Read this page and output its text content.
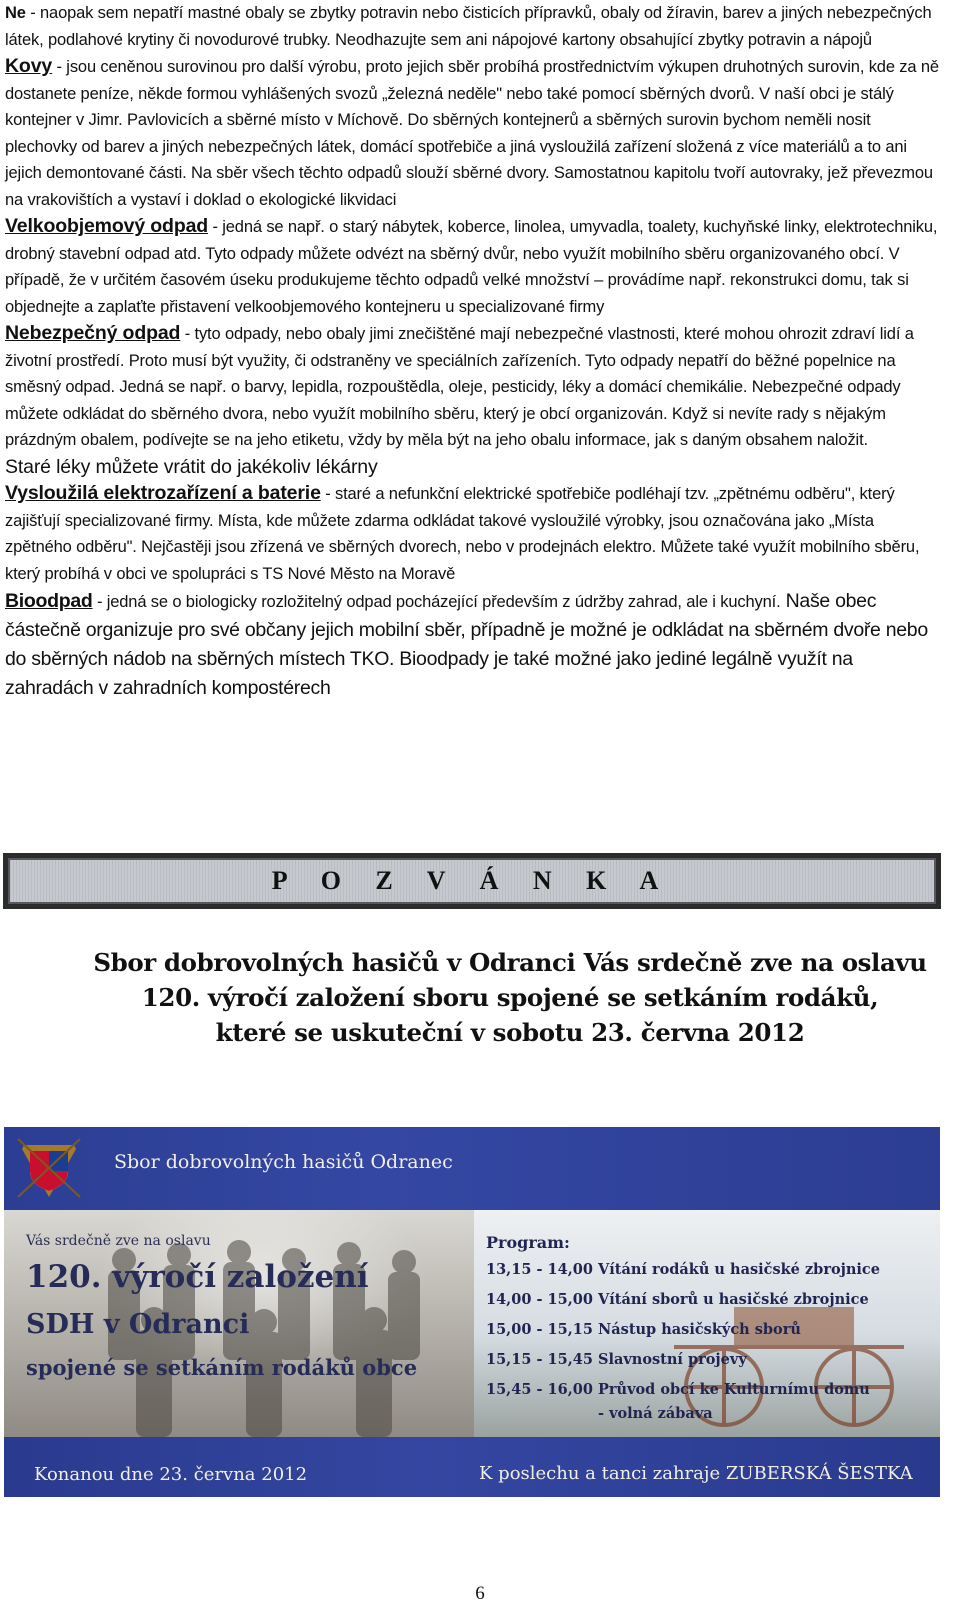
Ne - naopak sem nepatří mastné obaly se zbytky potravin nebo čisticích přípravků, obaly od žíravin, barev a jiných nebezpečných látek, podlahové krytiny či novodurové trubky. Neodhazujte sem ani nápojové kartony obsahující zbytky potravin a nápojů

Kovy - jsou ceněnou surovinou pro další výrobu, proto jejich sběr probíhá prostřednictvím výkupen druhotných surovin, kde za ně dostanete peníze, někde formou vyhlášených svozů „železná neděle" nebo také pomocí sběrných dvorů. V naší obci je stálý kontejner v Jimr. Pavlovicích a sběrné místo v Míchově. Do sběrných kontejnerů a sběrných surovin bychom neměli nosit plechovky od barev a jiných nebezpečných látek, domácí spotřebiče a jiná vysloužilá zařízení složená z více materiálů a to ani jejich demontované části. Na sběr všech těchto odpadů slouží sběrné dvory. Samostatnou kapitolu tvoří autovraky, jež převezmou na vrakovištích a vystaví i doklad o ekologické likvidaci

Velkoobjemový odpad - jedná se např. o starý nábytek, koberce, linolea, umyvadla, toalety, kuchyňské linky, elektrotechniku, drobný stavební odpad atd. Tyto odpady můžete odvézt na sběrný dvůr, nebo využít mobilního sběru organizovaného obcí. V případě, že v určitém časovém úseku produkujeme těchto odpadů velké množství – provádíme např. rekonstrukci domu, tak si objednejte a zaplaťte přistavení velkoobjemového kontejneru u specializované firmy

Nebezpečný odpad - tyto odpady, nebo obaly jimi znečištěné mají nebezpečné vlastnosti, které mohou ohrozit zdraví lidí a životní prostředí. Proto musí být využity, či odstraněny ve speciálních zařízeních. Tyto odpady nepatří do běžné popelnice na směsný odpad. Jedná se např. o barvy, lepidla, rozpouštědla, oleje, pesticidy, léky a domácí chemikálie. Nebezpečné odpady můžete odkládat do sběrného dvora, nebo využít mobilního sběru, který je obcí organizován. Když si nevíte rady s nějakým prázdným obalem, podívejte se na jeho etiketu, vždy by měla být na jeho obalu informace, jak s daným obsahem naložit.

Staré léky můžete vrátit do jakékoliv lékárny

Vysloužilá elektrozařízení a baterie - staré a nefunkční elektrické spotřebiče podléhají tzv. „zpětnému odběru", který zajišťují specializované firmy. Místa, kde můžete zdarma odkládat takové vysloužilé výrobky, jsou označována jako „Místa zpětného odběru". Nejčastěji jsou zřízená ve sběrných dvorech, nebo v prodejnách elektro. Můžete také využít mobilního sběru, který probíhá v obci ve spolupráci s TS Nové Město na Moravě

Bioodpad - jedná se o biologicky rozložitelný odpad pocházející především z údržby zahrad, ale i kuchyní. Naše obec částečně organizuje pro své občany jejich mobilní sběr, případně je možné je odkládat na sběrném dvoře nebo do sběrných nádob na sběrných místech TKO. Bioodpady je také možné jako jediné legálně využít na zahradách v zahradních kompostérech

P O Z V Á N K A
Sbor dobrovolných hasičů v Odranci Vás srdečně zve na oslavu
120. výročí založení sboru spojené se setkáním rodáků,
které se uskuteční v sobotu 23. června 2012
Sbor dobrovolných hasičů Odranec
Vás srdečně zve na oslavu
120. výročí založení
SDH v Odranci
spojené se setkáním rodáků obce
Program:
13,15 - 14,00 Vítání rodáků u hasičské zbrojnice
14,00 - 15,00 Vítání sborů u hasičské zbrojnice
15,00 - 15,15 Nástup hasičských sborů
15,15 - 15,45 Slavnostní projevy
15,45 - 16,00 Průvod obcí ke Kulturnímu domu
- volná zábava
Konanou dne 23. června 2012	K poslechu a tanci zahraje ZUBERSKÁ ŠESTKA
6
